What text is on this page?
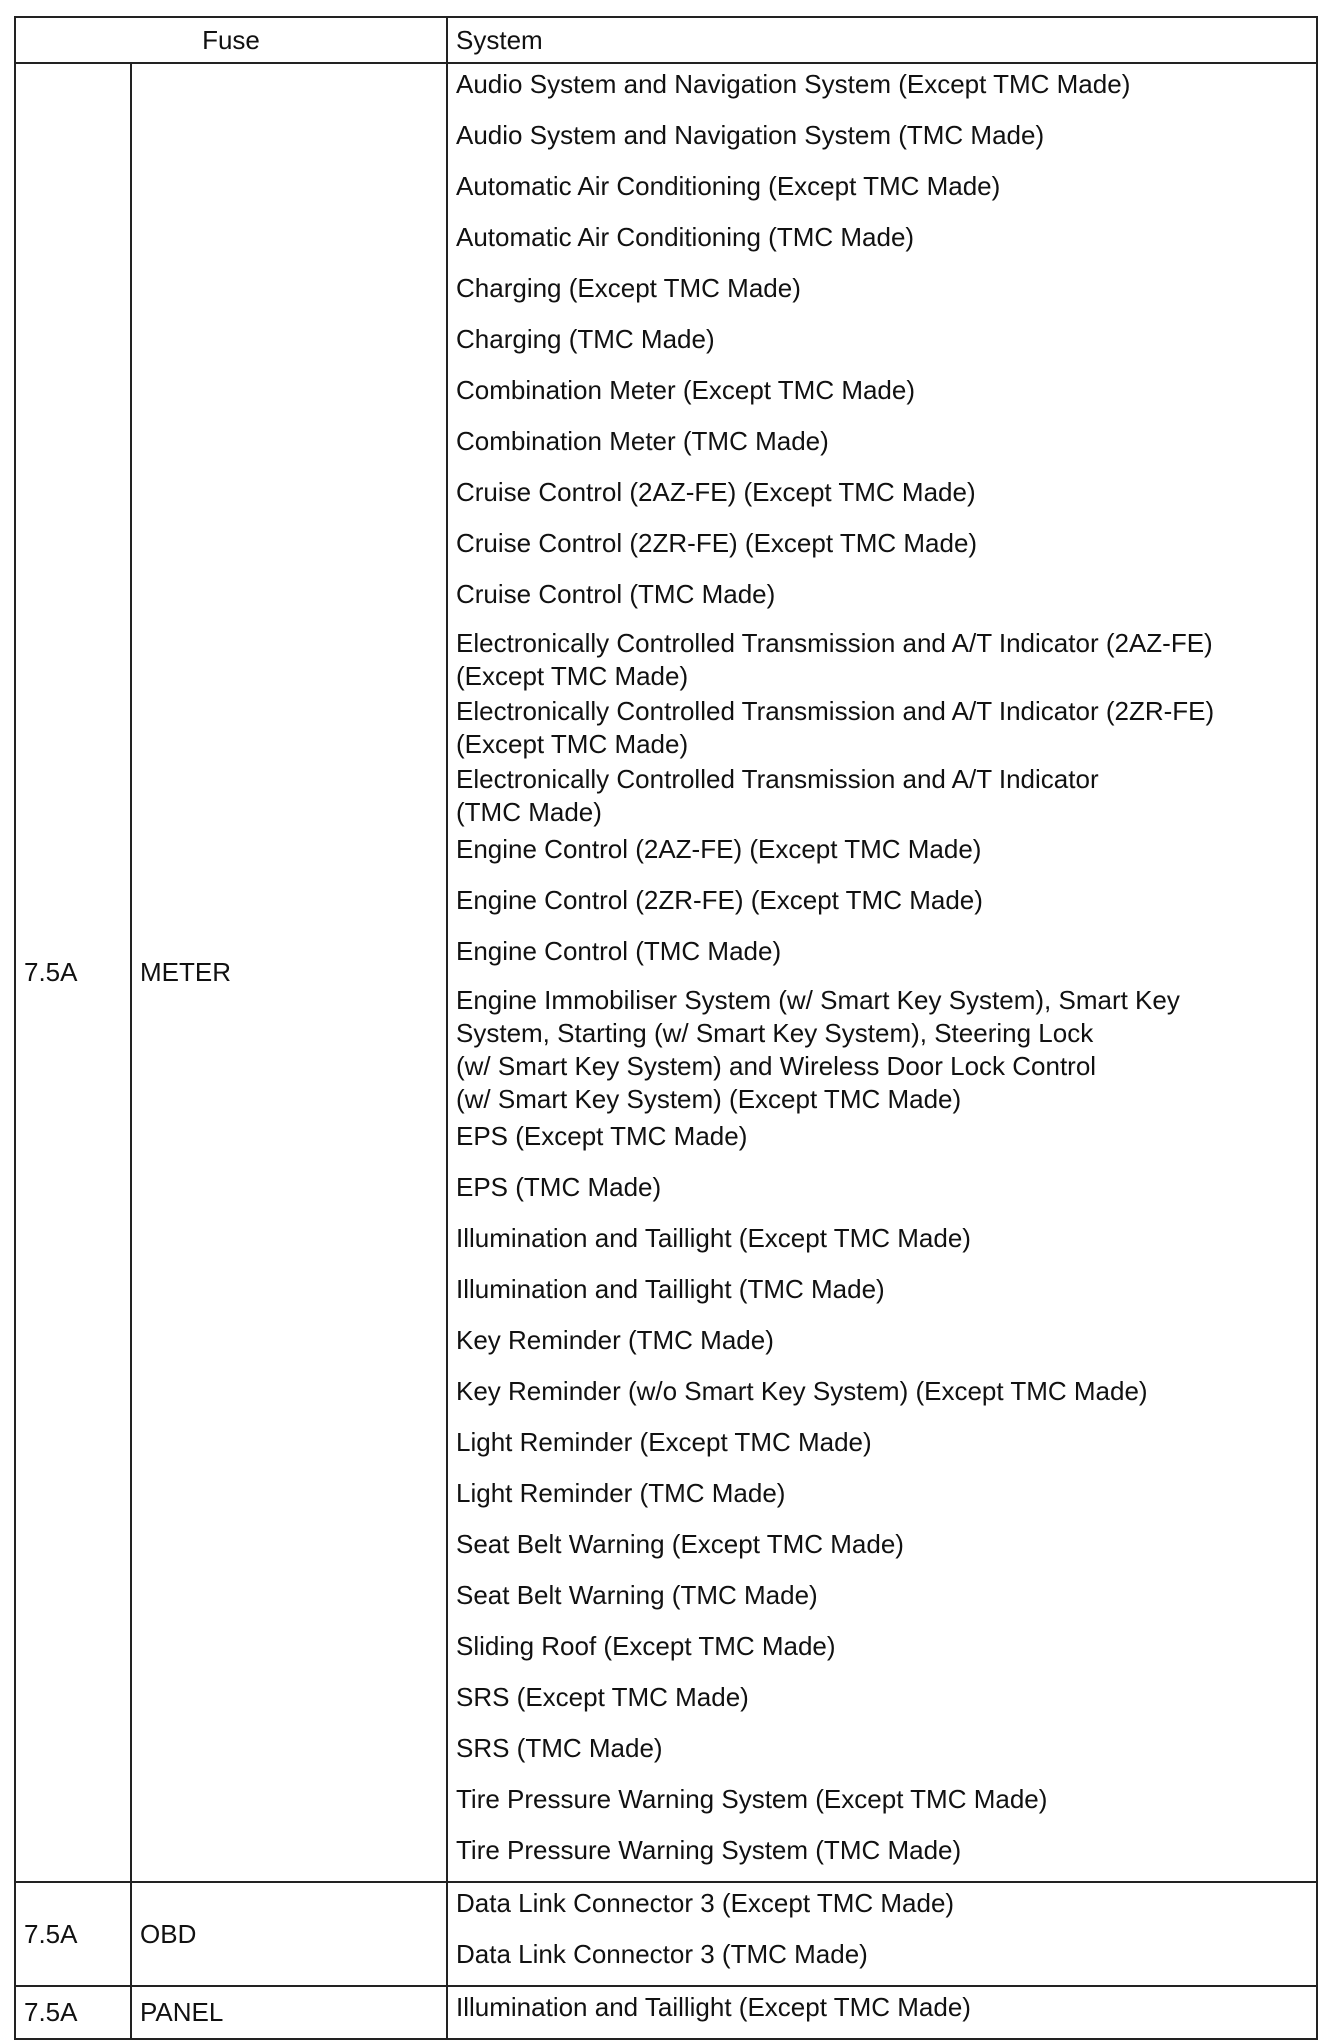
Fuse		System
7.5A	METER	Audio System and Navigation System (Except TMC Made)

		Audio System and Navigation System (TMC Made)

		Automatic Air Conditioning (Except TMC Made)

		Automatic Air Conditioning (TMC Made)

		Charging (Except TMC Made)

		Charging (TMC Made)

		Combination Meter (Except TMC Made)

		Combination Meter (TMC Made)

		Cruise Control (2AZ-FE) (Except TMC Made)

		Cruise Control (2ZR-FE) (Except TMC Made)

		Cruise Control (TMC Made)

		Electronically Controlled Transmission and A/T Indicator (2AZ-FE)
(Except TMC Made)

		Electronically Controlled Transmission and A/T Indicator (2ZR-FE)
(Except TMC Made)

		Electronically Controlled Transmission and A/T Indicator
(TMC Made)

		Engine Control (2AZ-FE) (Except TMC Made)

		Engine Control (2ZR-FE) (Except TMC Made)

		Engine Control (TMC Made)

		Engine Immobiliser System (w/ Smart Key System), Smart Key
System, Starting (w/ Smart Key System), Steering Lock
(w/ Smart Key System) and Wireless Door Lock Control
(w/ Smart Key System) (Except TMC Made)

		EPS (Except TMC Made)

		EPS (TMC Made)

		Illumination and Taillight (Except TMC Made)

		Illumination and Taillight (TMC Made)

		Key Reminder (TMC Made)

		Key Reminder (w/o Smart Key System) (Except TMC Made)

		Light Reminder (Except TMC Made)

		Light Reminder (TMC Made)

		Seat Belt Warning (Except TMC Made)

		Seat Belt Warning (TMC Made)

		Sliding Roof (Except TMC Made)

		SRS (Except TMC Made)

		SRS (TMC Made)

		Tire Pressure Warning System (Except TMC Made)

		Tire Pressure Warning System (TMC Made)

7.5A	OBD	Data Link Connector 3 (Except TMC Made)

		Data Link Connector 3 (TMC Made)

7.5A	PANEL	Illumination and Taillight (Except TMC Made)
